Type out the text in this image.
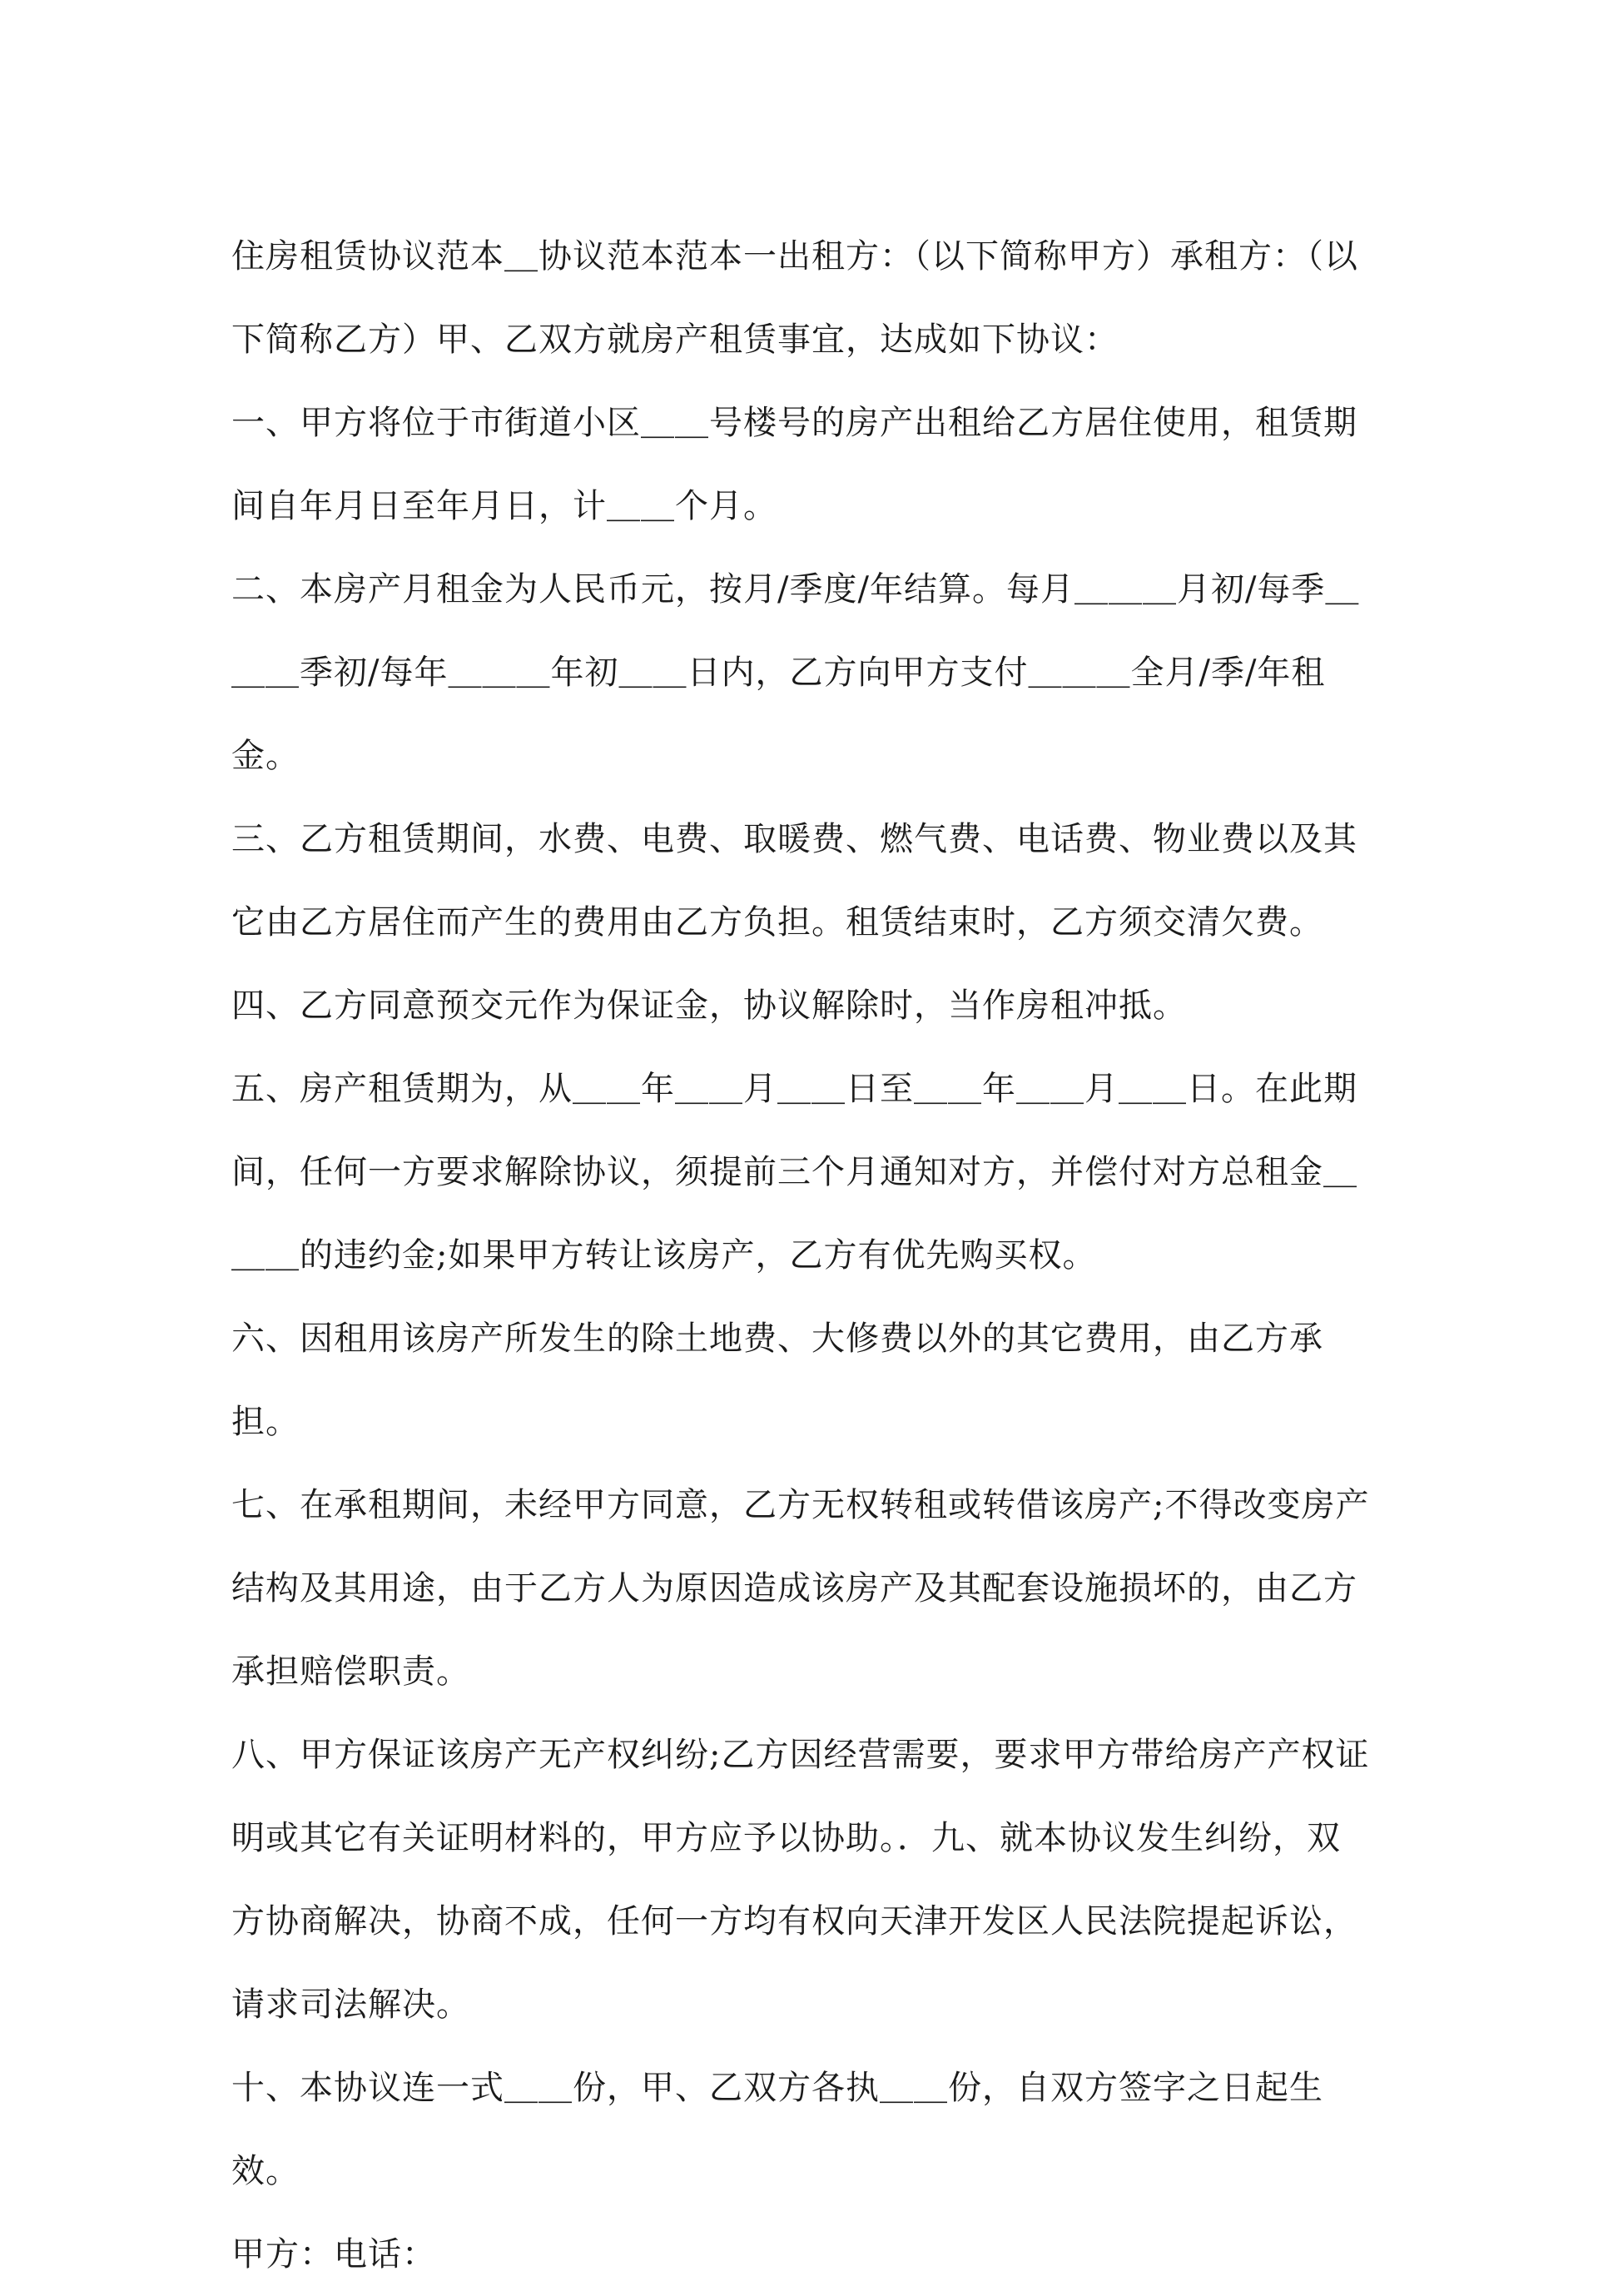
住房租赁协议范本＿协议范本范本一出租方：（以下简称甲方）承租方：（以下简称乙方）甲、乙双方就房产租赁事宜，达成如下协议：

一、甲方将位于市街道小区＿＿号楼号的房产出租给乙方居住使用，租赁期间自年月日至年月日，计＿＿个月。

二、本房产月租金为人民币元，按月/季度/年结算。每月＿＿＿月初/每季＿＿＿季初/每年＿＿＿年初＿＿日内，乙方向甲方支付＿＿＿全月/季/年租金。

三、乙方租赁期间，水费、电费、取暖费、燃气费、电话费、物业费以及其它由乙方居住而产生的费用由乙方负担。租赁结束时，乙方须交清欠费。

四、乙方同意预交元作为保证金，协议解除时，当作房租冲抵。

五、房产租赁期为，从＿＿年＿＿月＿＿日至＿＿年＿＿月＿＿日。在此期间，任何一方要求解除协议，须提前三个月通知对方，并偿付对方总租金＿＿＿的违约金;如果甲方转让该房产，乙方有优先购买权。

六、因租用该房产所发生的除土地费、大修费以外的其它费用，由乙方承担。

七、在承租期间，未经甲方同意，乙方无权转租或转借该房产;不得改变房产结构及其用途，由于乙方人为原因造成该房产及其配套设施损坏的，由乙方承担赔偿职责。

八、甲方保证该房产无产权纠纷;乙方因经营需要，要求甲方带给房产产权证明或其它有关证明材料的，甲方应予以协助。．九、就本协议发生纠纷，双方协商解决，协商不成，任何一方均有权向天津开发区人民法院提起诉讼，请求司法解决。

十、本协议连一式＿＿份，甲、乙双方各执＿＿份，自双方签字之日起生效。

甲方：电话：
